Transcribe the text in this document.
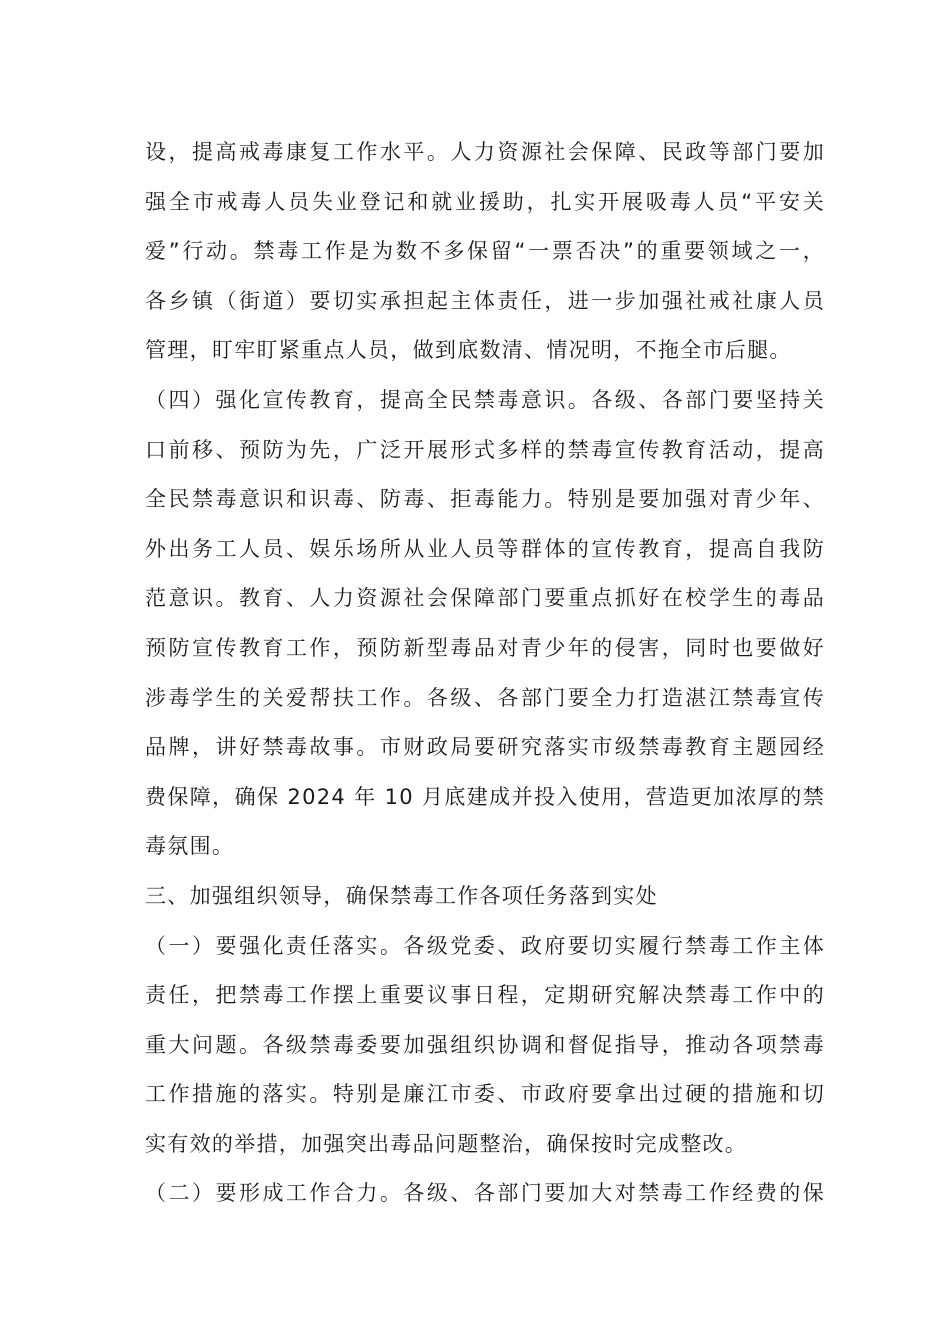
设，提高戒毒康复工作水平。人力资源社会保障、民政等部门要加
强全市戒毒人员失业登记和就业援助，扎实开展吸毒人员“平安关
爱”行动。禁毒工作是为数不多保留“一票否决”的重要领域之一，
各乡镇（街道）要切实承担起主体责任，进一步加强社戒社康人员
管理，盯牢盯紧重点人员，做到底数清、情况明，不拖全市后腿。
（四）强化宣传教育，提高全民禁毒意识。各级、各部门要坚持关
口前移、预防为先，广泛开展形式多样的禁毒宣传教育活动，提高
全民禁毒意识和识毒、防毒、拒毒能力。特别是要加强对青少年、
外出务工人员、娱乐场所从业人员等群体的宣传教育，提高自我防
范意识。教育、人力资源社会保障部门要重点抓好在校学生的毒品
预防宣传教育工作，预防新型毒品对青少年的侵害，同时也要做好
涉毒学生的关爱帮扶工作。各级、各部门要全力打造湛江禁毒宣传
品牌，讲好禁毒故事。市财政局要研究落实市级禁毒教育主题园经
费保障，确保 2024 年 10 月底建成并投入使用，营造更加浓厚的禁
毒氛围。
三、加强组织领导，确保禁毒工作各项任务落到实处
（一）要强化责任落实。各级党委、政府要切实履行禁毒工作主体
责任，把禁毒工作摆上重要议事日程，定期研究解决禁毒工作中的
重大问题。各级禁毒委要加强组织协调和督促指导，推动各项禁毒
工作措施的落实。特别是廉江市委、市政府要拿出过硬的措施和切
实有效的举措，加强突出毒品问题整治，确保按时完成整改。
（二）要形成工作合力。各级、各部门要加大对禁毒工作经费的保
